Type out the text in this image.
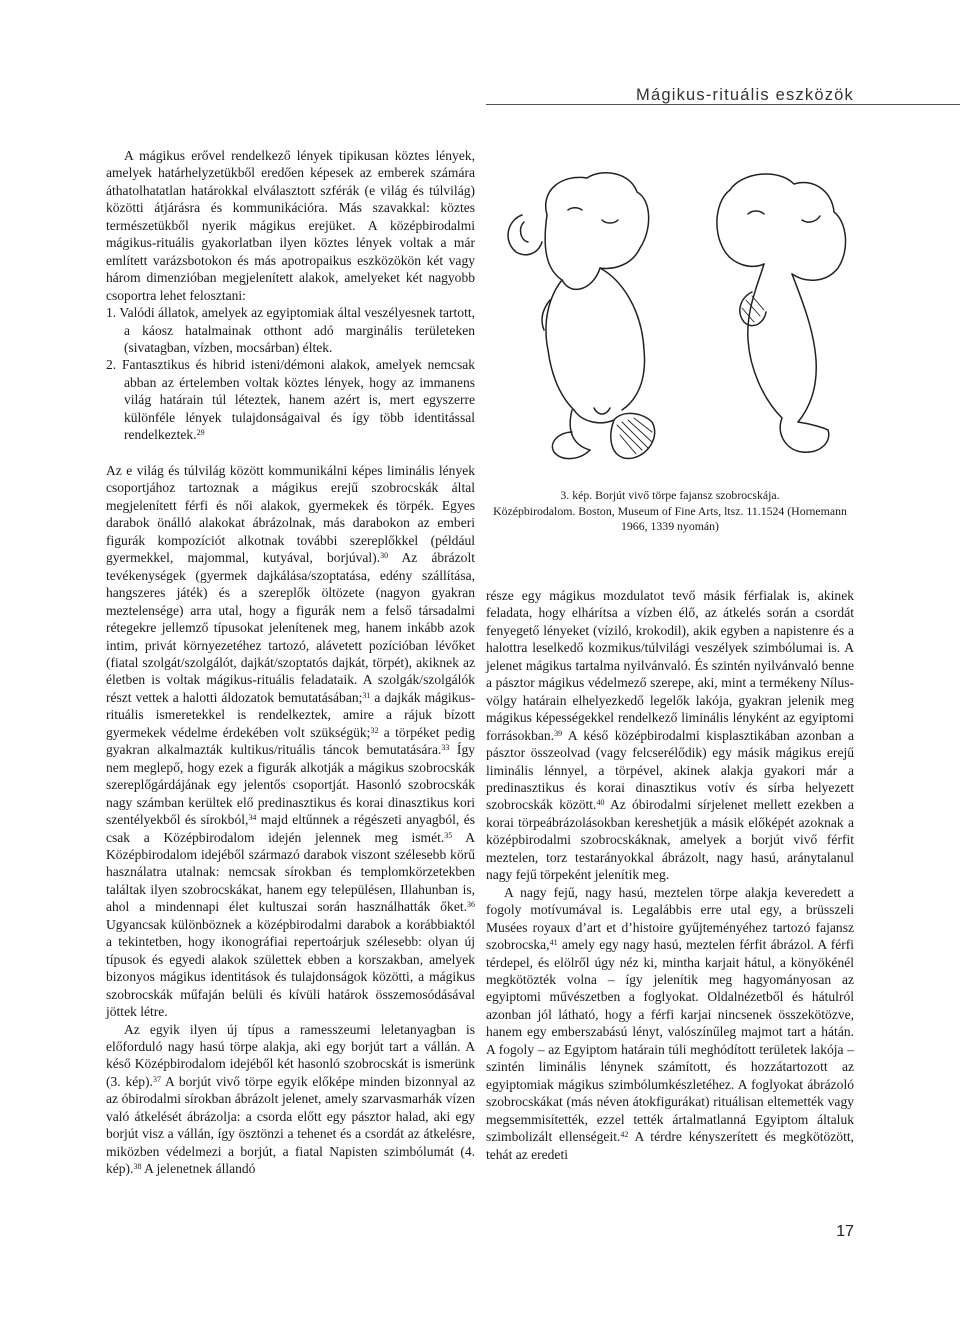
Mágikus-rituális eszközök

A mágikus erővel rendelkező lények tipikusan köztes lények, amelyek határhelyzetükből eredően képesek az emberek számára áthatolhatatlan határokkal elválasztott szférák (e világ és túlvilág) közötti átjárásra és kommunikációra. Más szavakkal: köztes természetükből nyerik mágikus erejüket. A középbirodalmi mágikus-rituális gyakorlatban ilyen köztes lények voltak a már említett varázsbotokon és más apotropaikus eszközökön két vagy három dimenzióban megjelenített alakok, amelyeket két nagyobb csoportra lehet felosztani:

1. Valódi állatok, amelyek az egyiptomiak által veszélyesnek tartott, a káosz hatalmainak otthont adó marginális területeken (sivatagban, vízben, mocsárban) éltek.

2. Fantasztikus és hibrid isteni/démoni alakok, amelyek nemcsak abban az értelemben voltak köztes lények, hogy az immanens világ határain túl léteztek, hanem azért is, mert egyszerre különféle lények tulajdonságaival és így több identitással rendelkeztek.$^{29}$

3. kép. Borjút vivő törpe fajansz szobrocskája.
Középbirodalom. Boston, Museum of Fine Arts, ltsz. 11.1524 (Hornemann 1966, 1339 nyomán)

Az e világ és túlvilág között kommunikálni képes liminális lények csoportjához tartoznak a mágikus erejű szobrocskák által megjelenített férfi és női alakok, gyermekek és törpék. Egyes darabok önálló alakokat ábrázolnak, más darabokon az emberi figurák kompozíciót alkotnak további szereplőkkel (például gyermekkel, majommal, kutyával, borjúval).$^{30}$ Az ábrázolt tevékenységek (gyermek dajkálása/szoptatása, edény szállítása, hangszeres játék) és a szereplők öltözete (nagyon gyakran meztelensége) arra utal, hogy a figurák nem a felső társadalmi rétegekre jellemző típusokat jelenítenek meg, hanem inkább azok intim, privát környezetéhez tartozó, alávetett pozícióban lévőket (fiatal szolgát/szolgálót, dajkát/szoptatós dajkát, törpét), akiknek az életben is voltak mágikus-rituális feladataik. A szolgák/szolgálók részt vettek a halotti áldozatok bemutatásában;$^{31}$ a dajkák mágikus-rituális ismeretekkel is rendelkeztek, amire a rájuk bízott gyermekek védelme érdekében volt szükségük;$^{32}$ a törpéket pedig gyakran alkalmazták kultikus/rituális táncok bemutatására.$^{33}$ Így nem meglepő, hogy ezek a figurák alkotják a mágikus szobrocskák szereplőgárdájának egy jelentős csoportját. Hasonló szobrocskák nagy számban kerültek elő predinasztikus és korai dinasztikus kori szentélyekből és sírokból,$^{34}$ majd eltűnnek a régészeti anyagból, és csak a Középbirodalom idején jelennek meg ismét.$^{35}$ A Középbirodalom idejéből származó darabok viszont szélesebb körű használatra utalnak: nemcsak sírokban és templomkörzetekben találtak ilyen szobrocskákat, hanem egy településen, Illahunban is, ahol a mindennapi élet kultuszai során használhatták őket.$^{36}$ Ugyancsak különböznek a középbirodalmi darabok a korábbiaktól a tekintetben, hogy ikonográfiai repertoárjuk szélesebb: olyan új típusok és egyedi alakok születtek ebben a korszakban, amelyek bizonyos mágikus identitások és tulajdonságok közötti, a mágikus szobrocskák műfaján belüli és kívüli határok összemosódásával jöttek létre.

Az egyik ilyen új típus a ramesszeumi leletanyagban is előforduló nagy hasú törpe alakja, aki egy borjút tart a vállán. A késő Középbirodalom idejéből két hasonló szobrocskát is ismerünk (3. kép).$^{37}$ A borjút vivő törpe egyik előképe minden bizonnyal az az óbirodalmi sírokban ábrázolt jelenet, amely szarvasmarhák vízen való átkelését ábrázolja: a csorda előtt egy pásztor halad, aki egy borjút visz a vállán, így ösztönzi a tehenet és a csordát az átkelésre, miközben védelmezi a borjút, a fiatal Napisten szimbólumát (4. kép).$^{38}$ A jelenetnek állandó

része egy mágikus mozdulatot tevő másik férfialak is, akinek feladata, hogy elhárítsa a vízben élő, az átkelés során a csordát fenyegető lényeket (víziló, krokodil), akik egyben a napistenre és a halottra leselkedő kozmikus/túlvilági veszélyek szimbólumai is. A jelenet mágikus tartalma nyilvánvaló. És szintén nyilvánvaló benne a pásztor mágikus védelmező szerepe, aki, mint a termékeny Nílus-völgy határain elhelyezkedő legelők lakója, gyakran jelenik meg mágikus képességekkel rendelkező liminális lényként az egyiptomi forrásokban.$^{39}$ A késő középbirodalmi kisplasztikában azonban a pásztor összeolvad (vagy felcserélődik) egy másik mágikus erejű liminális lénnyel, a törpével, akinek alakja gyakori már a predinasztikus és korai dinasztikus votív és sírba helyezett szobrocskák között.$^{40}$ Az óbirodalmi sírjelenet mellett ezekben a korai törpeábrázolásokban kereshetjük a másik előképét azoknak a középbirodalmi szobrocskáknak, amelyek a borjút vivő férfit meztelen, torz testarányokkal ábrázolt, nagy hasú, aránytalanul nagy fejű törpeként jelenítik meg.

A nagy fejű, nagy hasú, meztelen törpe alakja keveredett a fogoly motívumával is. Legalábbis erre utal egy, a brüsszeli Musées royaux d’art et d’histoire gyűjteményéhez tartozó fajansz szobrocska,$^{41}$ amely egy nagy hasú, meztelen férfit ábrázol. A férfi térdepel, és elölről úgy néz ki, mintha karjait hátul, a könyökénél megkötözték volna – így jelenítik meg hagyományosan az egyiptomi művészetben a foglyokat. Oldalnézetből és hátulról azonban jól látható, hogy a férfi karjai nincsenek összekötözve, hanem egy emberszabású lényt, valószínűleg majmot tart a hátán. A fogoly – az Egyiptom határain túli meghódított területek lakója – szintén liminális lénynek számított, és hozzátartozott az egyiptomiak mágikus szimbólumkészletéhez. A foglyokat ábrázoló szobrocskákat (más néven átokfigurákat) rituálisan eltemették vagy megsemmisítették, ezzel tették ártalmatlanná Egyiptom általuk szimbolizált ellenségeit.$^{42}$ A térdre kényszerített és megkötözött, tehát az eredeti

17
